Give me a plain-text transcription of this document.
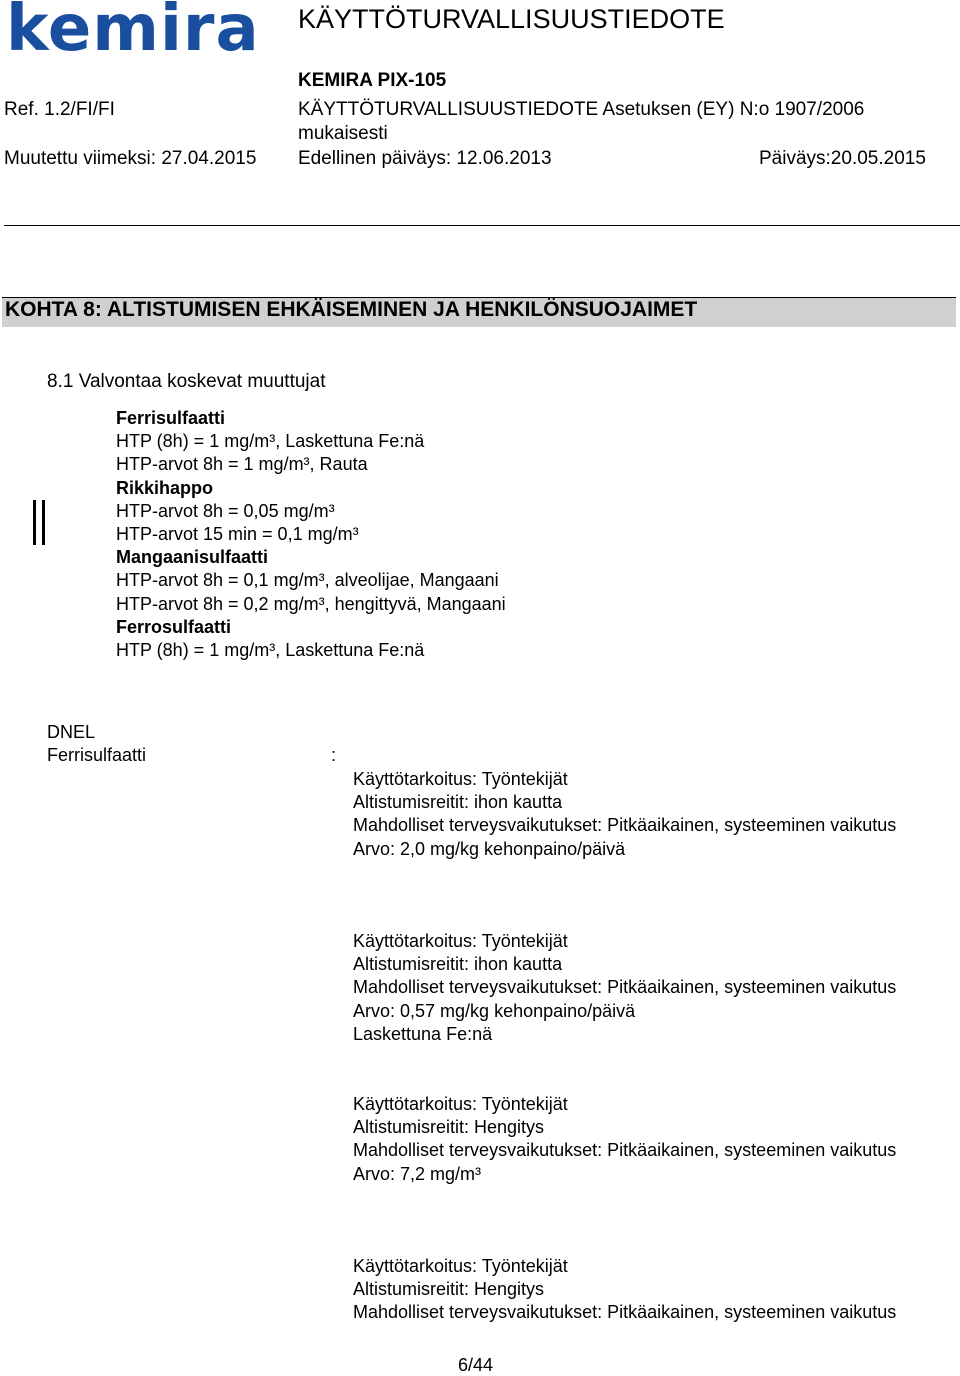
kemira KÄYTTÖTURVALLISUUSTIEDOTE
KEMIRA PIX-105
Ref. 1.2/FI/FI	KÄYTTÖTURVALLISUUSTIEDOTE Asetuksen (EY) N:o 1907/2006
mukaisesti
Muutettu viimeksi: 27.04.2015 Edellinen päiväys: 12.06.2013	Päiväys:20.05.2015
KOHTA 8: ALTISTUMISEN EHKÄISEMINEN JA HENKILÖNSUOJAIMET
8.1 Valvontaa koskevat muuttujat
Ferrisulfaatti
HTP (8h) = 1 mg/m³, Laskettuna Fe:nä
HTP-arvot 8h = 1 mg/m³, Rauta
Rikkihappo
HTP-arvot 8h = 0,05 mg/m³
HTP-arvot 15 min = 0,1 mg/m³
Mangaanisulfaatti
HTP-arvot 8h = 0,1 mg/m³, alveolijae, Mangaani
HTP-arvot 8h = 0,2 mg/m³, hengittyvä, Mangaani
Ferrosulfaatti
HTP (8h) = 1 mg/m³, Laskettuna Fe:nä
DNEL
Ferrisulfaatti	:
Käyttötarkoitus: Työntekijät
Altistumisreitit: ihon kautta
Mahdolliset terveysvaikutukset: Pitkäaikainen, systeeminen vaikutus
Arvo: 2,0 mg/kg kehonpaino/päivä
Käyttötarkoitus: Työntekijät
Altistumisreitit: ihon kautta
Mahdolliset terveysvaikutukset: Pitkäaikainen, systeeminen vaikutus
Arvo: 0,57 mg/kg kehonpaino/päivä
Laskettuna Fe:nä
Käyttötarkoitus: Työntekijät
Altistumisreitit: Hengitys
Mahdolliset terveysvaikutukset: Pitkäaikainen, systeeminen vaikutus
Arvo: 7,2 mg/m³
Käyttötarkoitus: Työntekijät
Altistumisreitit: Hengitys
Mahdolliset terveysvaikutukset: Pitkäaikainen, systeeminen vaikutus
6/44
